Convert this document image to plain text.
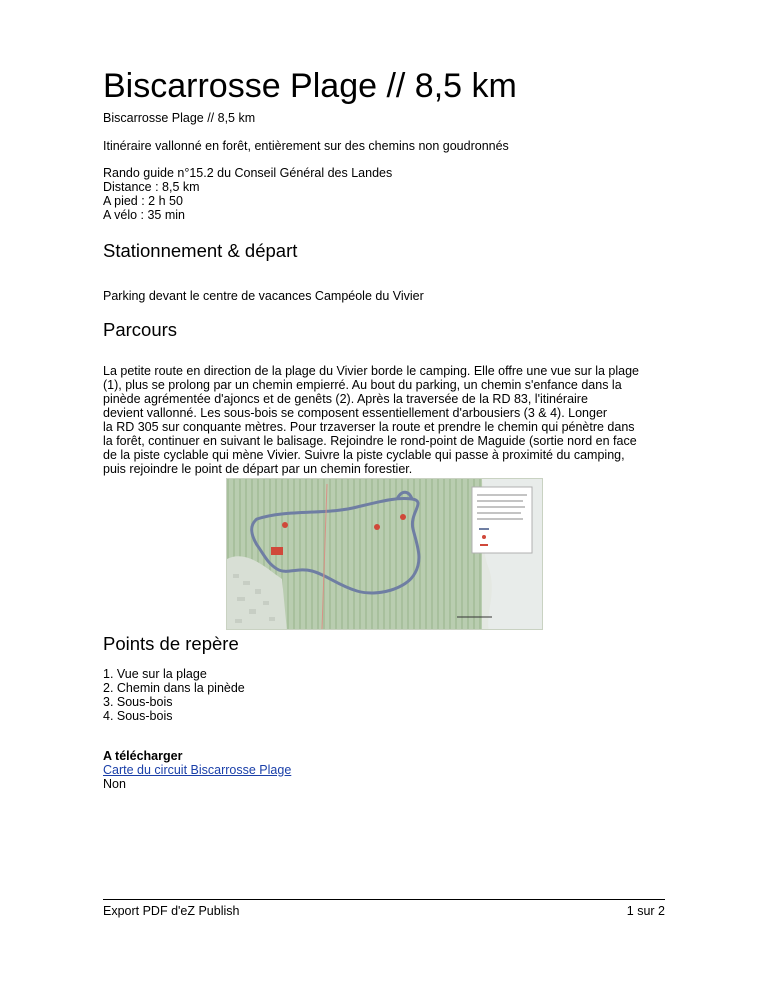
Biscarrosse Plage // 8,5 km

Biscarrosse Plage // 8,5 km

Itinéraire vallonné en forêt, entièrement sur des chemins non goudronnés

Rando guide n°15.2 du Conseil Général des Landes

Distance : 8,5 km

A pied : 2 h 50

A vélo : 35 min

Stationnement & départ

Parking devant le centre de vacances Campéole du Vivier

Parcours

La petite route en direction de la plage du Vivier borde le camping. Elle offre une vue sur la plage

(1), plus se prolong par un chemin empierré. Au bout du parking, un chemin s'enfance dans la

pinède agrémentée d'ajoncs et de genêts (2). Après la traversée de la RD 83, l'itinéraire

devient vallonné. Les sous-bois se composent essentiellement d'arbousiers (3 & 4). Longer

la RD 305 sur conquante mètres. Pour trzaverser la route et prendre le chemin qui pénètre dans

la forêt, continuer en suivant le balisage. Rejoindre le rond-point de Maguide (sortie nord en face

de la piste cyclable qui mène Vivier. Suivre la piste cyclable qui passe à proximité du camping,

puis rejoindre le point de départ par un chemin forestier.

Points de repère
1. Vue sur la plage
2. Chemin dans la pinède
3. Sous-bois
4. Sous-bois

A télécharger

Carte du circuit Biscarrosse Plage

Non

Export PDF d'eZ Publish	1 sur 2
